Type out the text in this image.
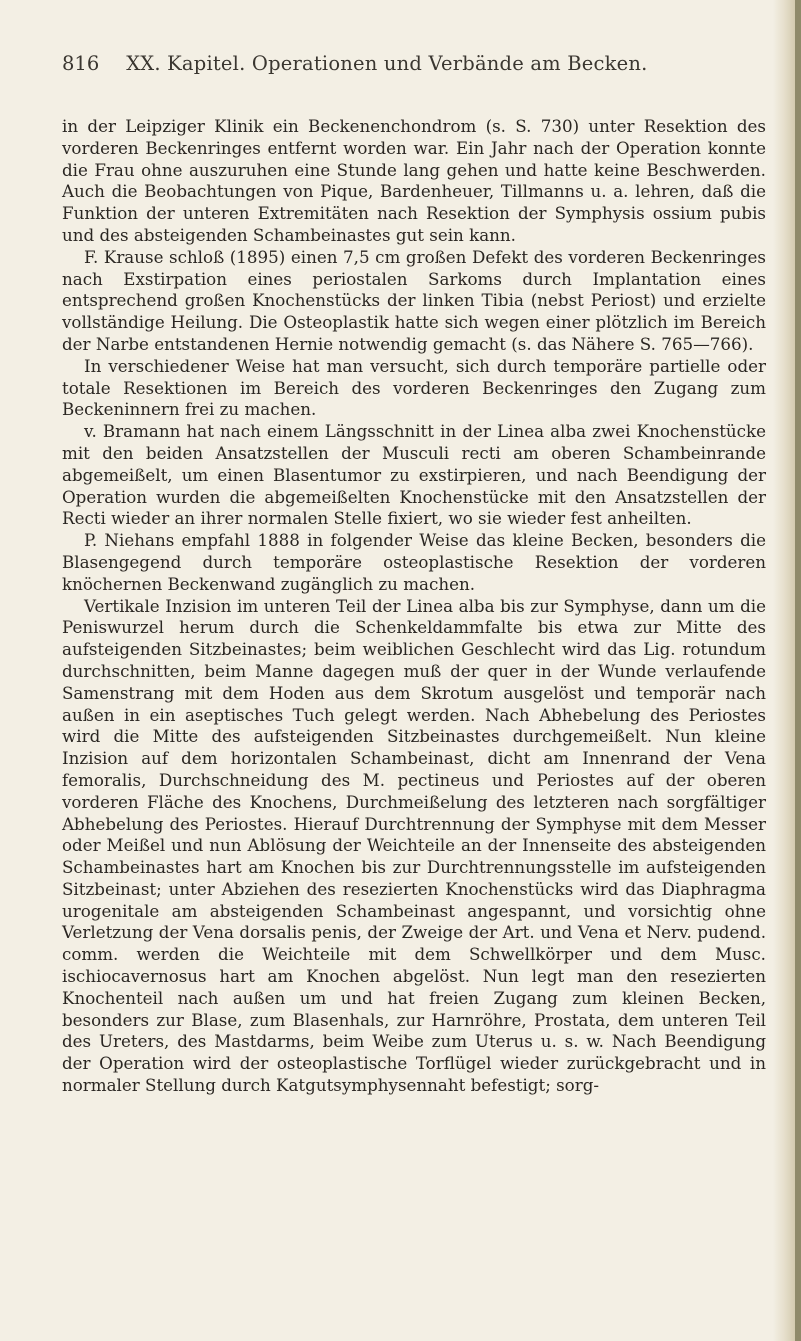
816 XX. Kapitel. Operationen und Verbände am Becken.

in der Leipziger Klinik ein Beckenenchondrom (s. S. 730) unter Resektion des vorderen Beckenringes entfernt worden war. Ein Jahr nach der Operation konnte die Frau ohne auszuruhen eine Stunde lang gehen und hatte keine Beschwerden. Auch die Beobachtungen von Pique, Bardenheuer, Tillmanns u. a. lehren, daß die Funktion der unteren Extremitäten nach Resektion der Symphysis ossium pubis und des absteigenden Schambeinastes gut sein kann.

F. Krause schloß (1895) einen 7,5 cm großen Defekt des vorderen Beckenringes nach Exstirpation eines periostalen Sarkoms durch Implantation eines entsprechend großen Knochenstücks der linken Tibia (nebst Periost) und erzielte vollständige Heilung. Die Osteoplastik hatte sich wegen einer plötzlich im Bereich der Narbe entstandenen Hernie notwendig gemacht (s. das Nähere S. 765—766).

In verschiedener Weise hat man versucht, sich durch temporäre partielle oder totale Resektionen im Bereich des vorderen Beckenringes den Zugang zum Beckeninnern frei zu machen.

v. Bramann hat nach einem Längsschnitt in der Linea alba zwei Knochenstücke mit den beiden Ansatzstellen der Musculi recti am oberen Schambeinrande abgemeißelt, um einen Blasentumor zu exstirpieren, und nach Beendigung der Operation wurden die abgemeißelten Knochenstücke mit den Ansatzstellen der Recti wieder an ihrer normalen Stelle fixiert, wo sie wieder fest anheilten.

P. Niehans empfahl 1888 in folgender Weise das kleine Becken, besonders die Blasengegend durch temporäre osteoplastische Resektion der vorderen knöchernen Beckenwand zugänglich zu machen.

Vertikale Inzision im unteren Teil der Linea alba bis zur Symphyse, dann um die Peniswurzel herum durch die Schenkeldammfalte bis etwa zur Mitte des aufsteigenden Sitzbeinastes; beim weiblichen Geschlecht wird das Lig. rotundum durchschnitten, beim Manne dagegen muß der quer in der Wunde verlaufende Samenstrang mit dem Hoden aus dem Skrotum ausgelöst und temporär nach außen in ein aseptisches Tuch gelegt werden. Nach Abhebelung des Periostes wird die Mitte des aufsteigenden Sitzbeinastes durchgemeißelt. Nun kleine Inzision auf dem horizontalen Schambeinast, dicht am Innenrand der Vena femoralis, Durchschneidung des M. pectineus und Periostes auf der oberen vorderen Fläche des Knochens, Durchmeißelung des letzteren nach sorgfältiger Abhebelung des Periostes. Hierauf Durchtrennung der Symphyse mit dem Messer oder Meißel und nun Ablösung der Weichteile an der Innenseite des absteigenden Schambeinastes hart am Knochen bis zur Durchtrennungsstelle im aufsteigenden Sitzbeinast; unter Abziehen des resezierten Knochenstücks wird das Diaphragma urogenitale am absteigenden Schambeinast angespannt, und vorsichtig ohne Verletzung der Vena dorsalis penis, der Zweige der Art. und Vena et Nerv. pudend. comm. werden die Weichteile mit dem Schwellkörper und dem Musc. ischiocavernosus hart am Knochen abgelöst. Nun legt man den resezierten Knochenteil nach außen um und hat freien Zugang zum kleinen Becken, besonders zur Blase, zum Blasenhals, zur Harnröhre, Prostata, dem unteren Teil des Ureters, des Mastdarms, beim Weibe zum Uterus u. s. w. Nach Beendigung der Operation wird der osteoplastische Torflügel wieder zurückgebracht und in normaler Stellung durch Katgutsymphysennaht befestigt; sorg-
